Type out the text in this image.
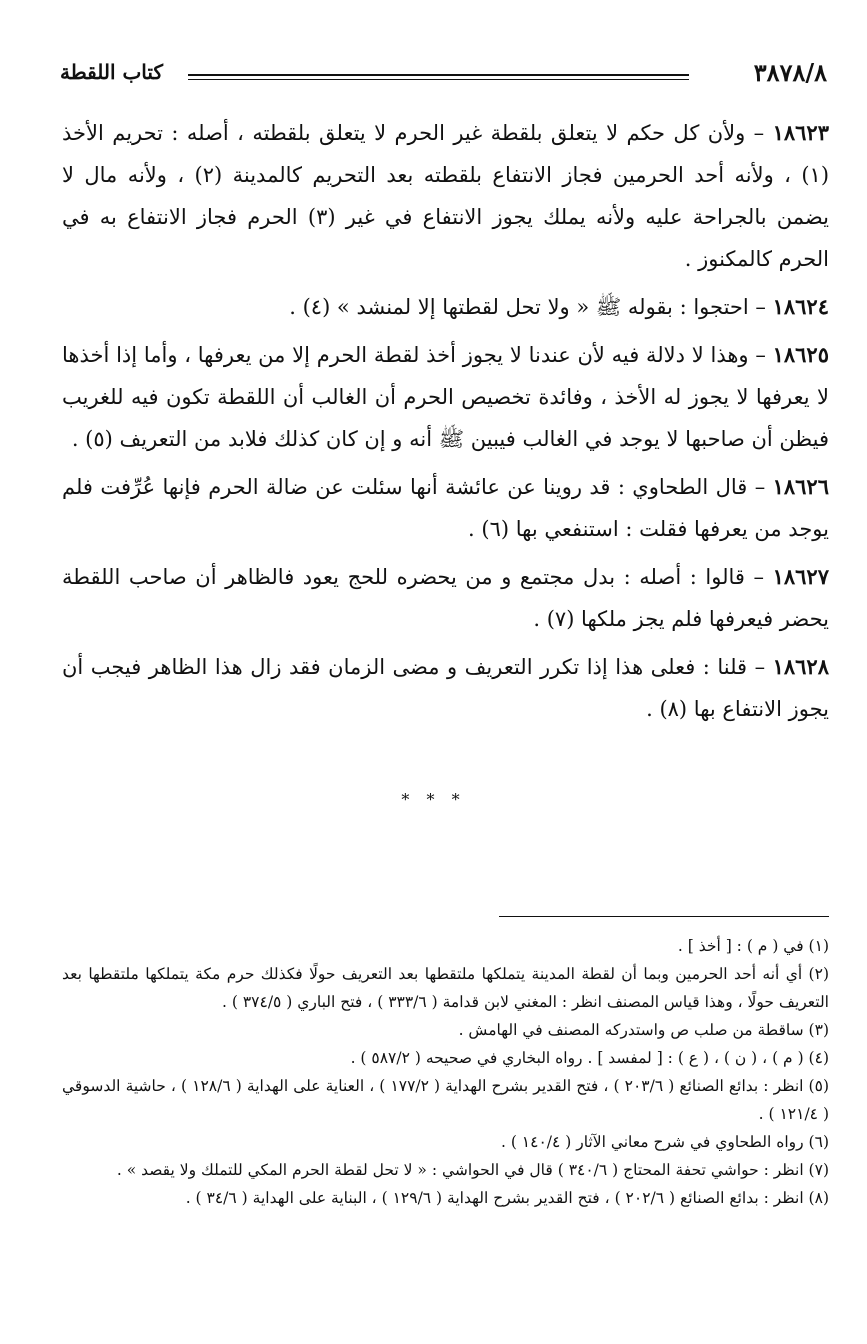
٣٨٧٨/٨
كتاب اللقطة

١٨٦٢٣ – ولأن كل حكم لا يتعلق بلقطة غير الحرم لا يتعلق بلقطته ، أصله : تحريم الأخذ (١) ، ولأنه أحد الحرمين فجاز الانتفاع بلقطته بعد التحريم كالمدينة (٢) ، ولأنه مال لا يضمن بالجراحة عليه ولأنه يملك يجوز الانتفاع في غير (٣) الحرم فجاز الانتفاع به في الحرم كالمكنوز .

١٨٦٢٤ – احتجوا : بقوله ﷺ « ولا تحل لقطتها إلا لمنشد » (٤) .

١٨٦٢٥ – وهذا لا دلالة فيه لأن عندنا لا يجوز أخذ لقطة الحرم إلا من يعرفها ، وأما إذا أخذها لا يعرفها لا يجوز له الأخذ ، وفائدة تخصيص الحرم أن الغالب أن اللقطة تكون فيه للغريب فيظن أن صاحبها لا يوجد في الغالب فيبين ﷺ أنه و إن كان كذلك فلابد من التعريف (٥) .

١٨٦٢٦ – قال الطحاوي : قد روينا عن عائشة أنها سئلت عن ضالة الحرم فإنها عُرِّفت فلم يوجد من يعرفها فقلت : استنفعي بها (٦) .

١٨٦٢٧ – قالوا : أصله : بدل مجتمع و من يحضره للحج يعود فالظاهر أن صاحب اللقطة يحضر فيعرفها فلم يجز ملكها (٧) .

١٨٦٢٨ – قلنا : فعلى هذا إذا تكرر التعريف و مضى الزمان فقد زال هذا الظاهر فيجب أن يجوز الانتفاع بها (٨) .

* * *

(١) في ( م ) : [ أخذ ] .

(٢) أي أنه أحد الحرمين وبما أن لقطة المدينة يتملكها ملتقطها بعد التعريف حولًا فكذلك حرم مكة يتملكها ملتقطها بعد التعريف حولًا ، وهذا قياس المصنف انظر : المغني لابن قدامة ( ٣٣٣/٦ ) ، فتح الباري ( ٣٧٤/٥ ) .

(٣) ساقطة من صلب ص واستدركه المصنف في الهامش .

(٤) ( م ) ، ( ن ) ، ( ع ) : [ لمفسد ] . رواه البخاري في صحيحه ( ٥٨٧/٢ ) .

(٥) انظر : بدائع الصنائع ( ٢٠٣/٦ ) ، فتح القدير بشرح الهداية ( ١٧٧/٢ ) ، العناية على الهداية ( ١٢٨/٦ ) ، حاشية الدسوقي ( ١٢١/٤ ) .

(٦) رواه الطحاوي في شرح معاني الآثار ( ١٤٠/٤ ) .

(٧) انظر : حواشي تحفة المحتاج ( ٣٤٠/٦ ) قال في الحواشي : « لا تحل لقطة الحرم المكي للتملك ولا يقصد » .

(٨) انظر : بدائع الصنائع ( ٢٠٢/٦ ) ، فتح القدير بشرح الهداية ( ١٢٩/٦ ) ، البناية على الهداية ( ٣٤/٦ ) .
